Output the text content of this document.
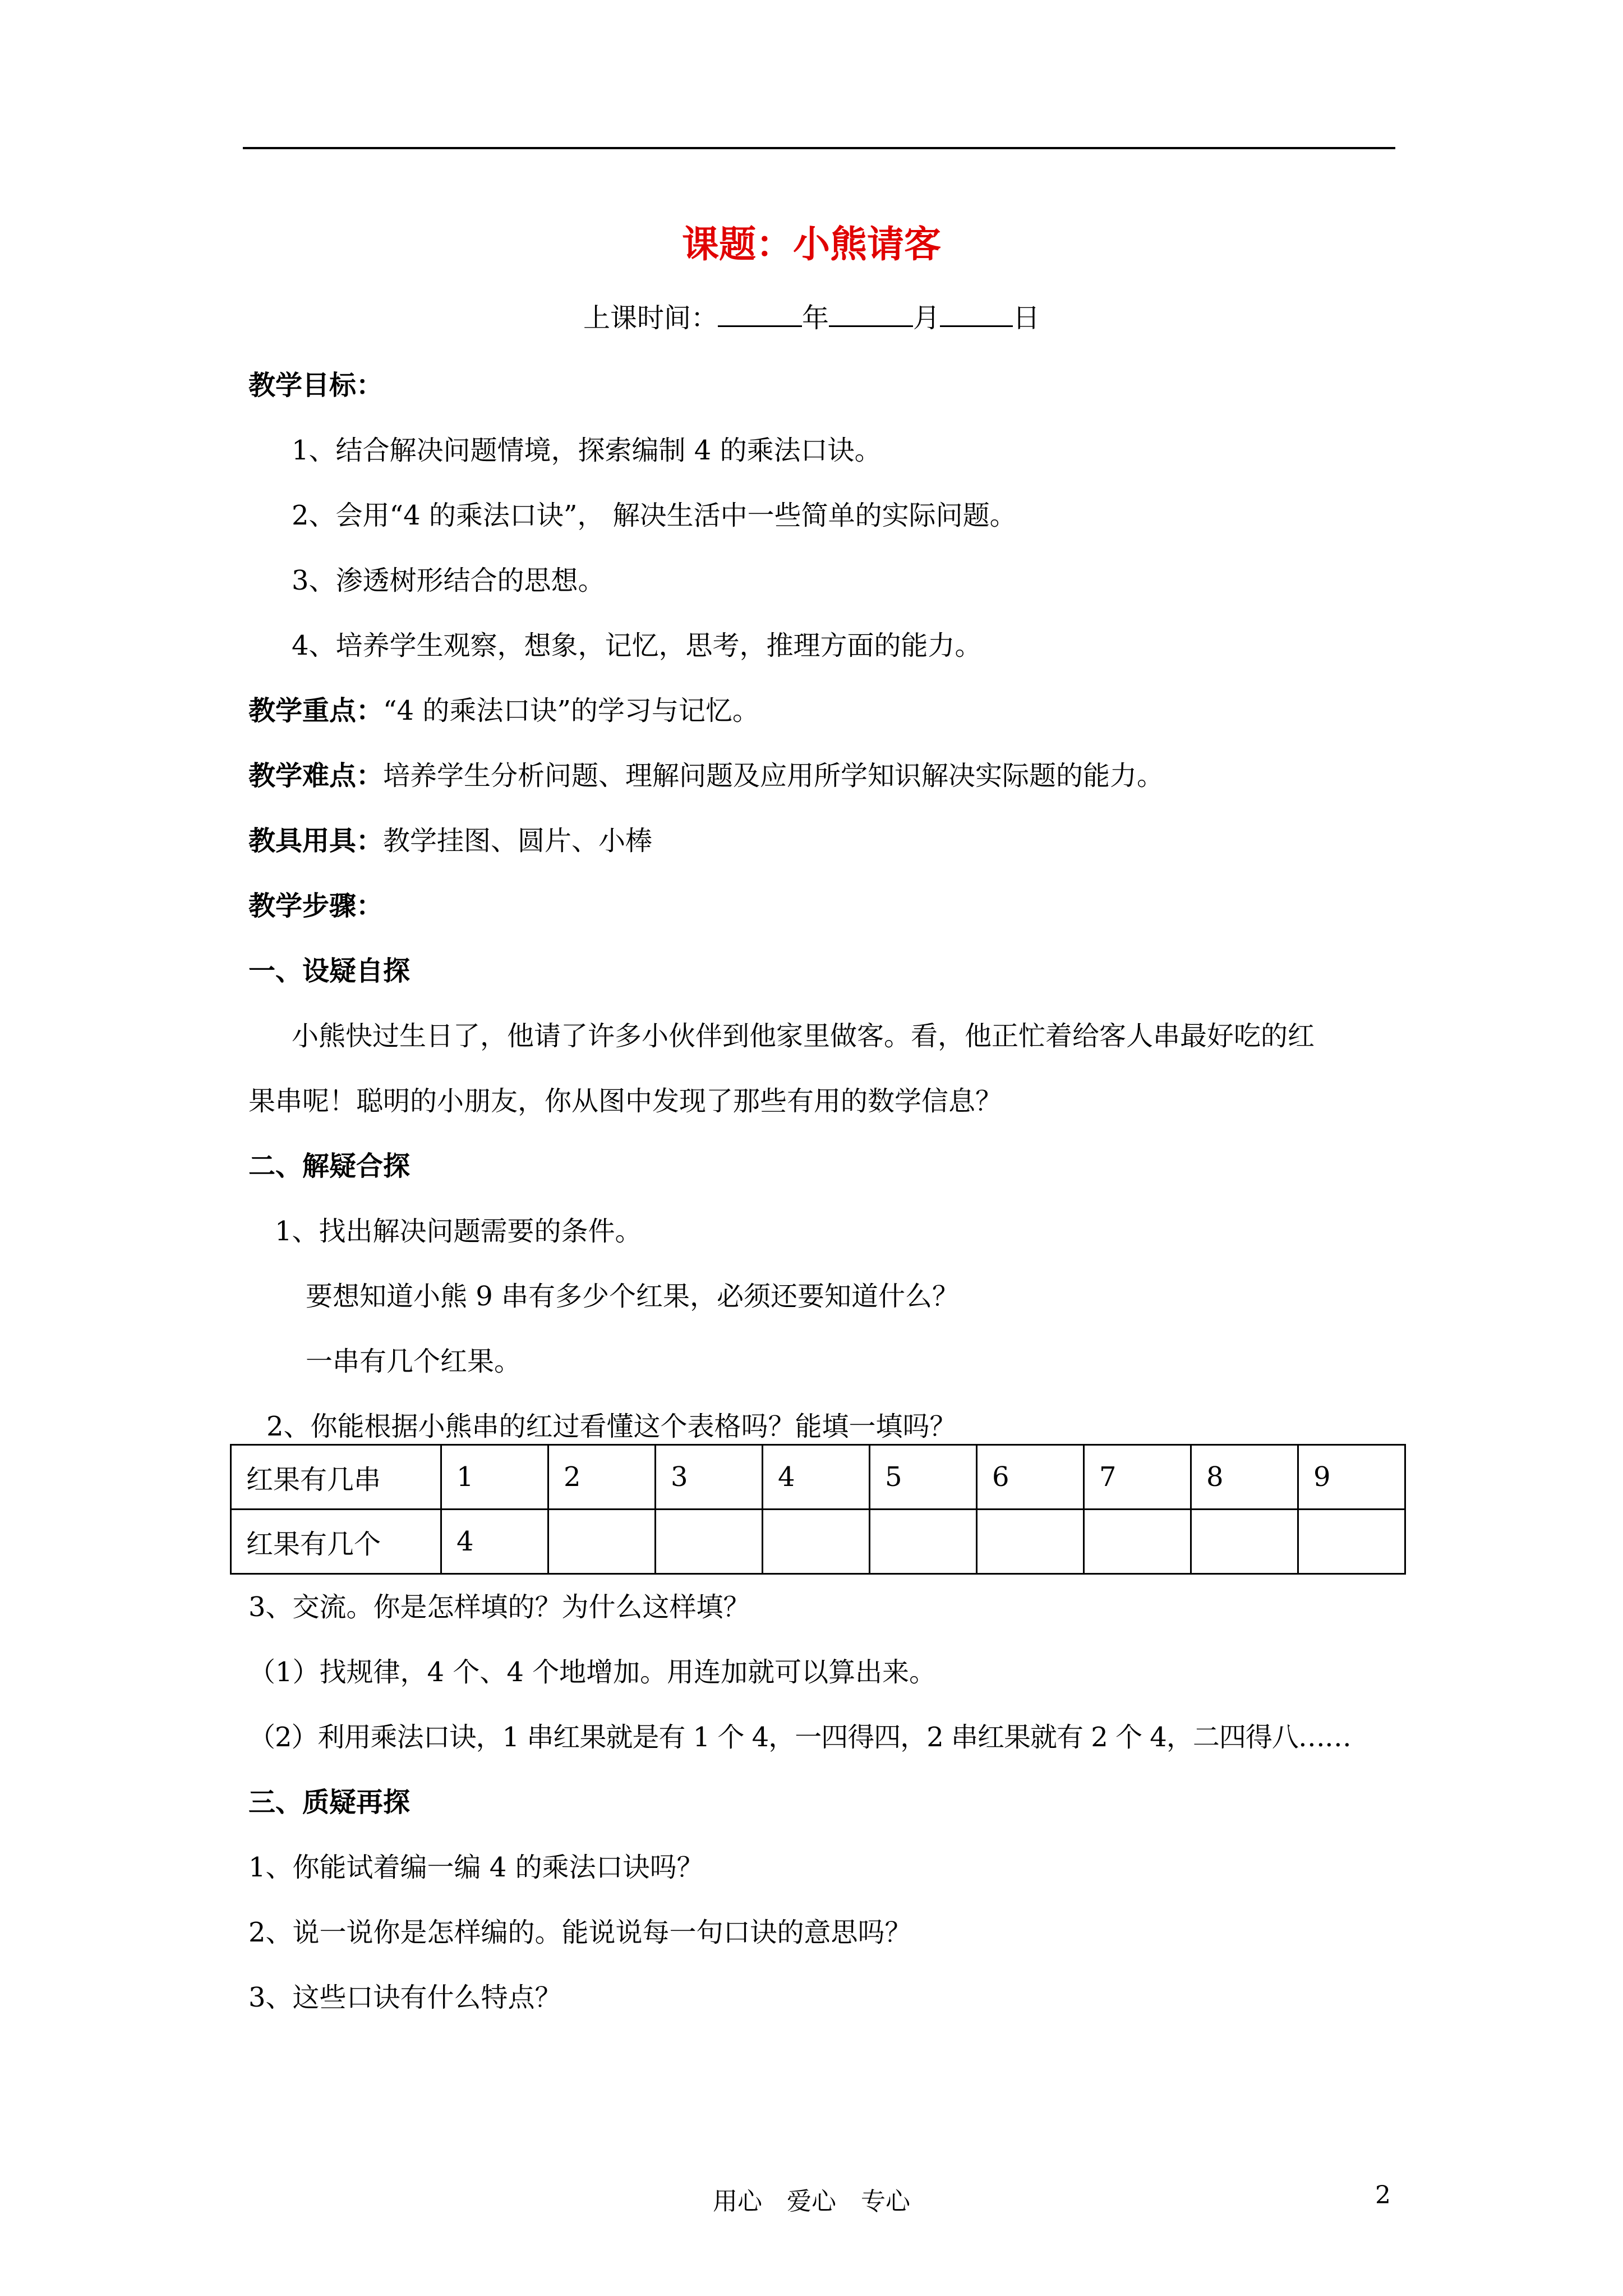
课题：小熊请客
上课时间：	年	月	日
教学目标：
1、结合解决问题情境，探索编制 4 的乘法口诀。
2、会用“4 的乘法口诀”， 解决生活中一些简单的实际问题。
3、渗透树形结合的思想。
4、培养学生观察，想象，记忆，思考，推理方面的能力。
教学重点：“4 的乘法口诀”的学习与记忆。
教学难点：培养学生分析问题、理解问题及应用所学知识解决实际题的能力。
教具用具：教学挂图、圆片、小棒
教学步骤：
一、设疑自探
小熊快过生日了，他请了许多小伙伴到他家里做客。看，他正忙着给客人串最好吃的红
果串呢！聪明的小朋友，你从图中发现了那些有用的数学信息？
二、解疑合探
1、找出解决问题需要的条件。
要想知道小熊 9 串有多少个红果，必须还要知道什么？
一串有几个红果。
2、你能根据小熊串的红过看懂这个表格吗？能填一填吗？
红果有几串	1	2	3	4	5	6	7	8	9
红果有几个	4								
3、交流。你是怎样填的？为什么这样填？
（1）找规律，4 个、4 个地增加。用连加就可以算出来。
（2）利用乘法口诀，1 串红果就是有 1 个 4，一四得四，2 串红果就有 2 个 4，二四得八……
三、质疑再探
1、你能试着编一编 4 的乘法口诀吗？
2、说一说你是怎样编的。能说说每一句口诀的意思吗？
3、这些口诀有什么特点？
用心　爱心　专心	2
